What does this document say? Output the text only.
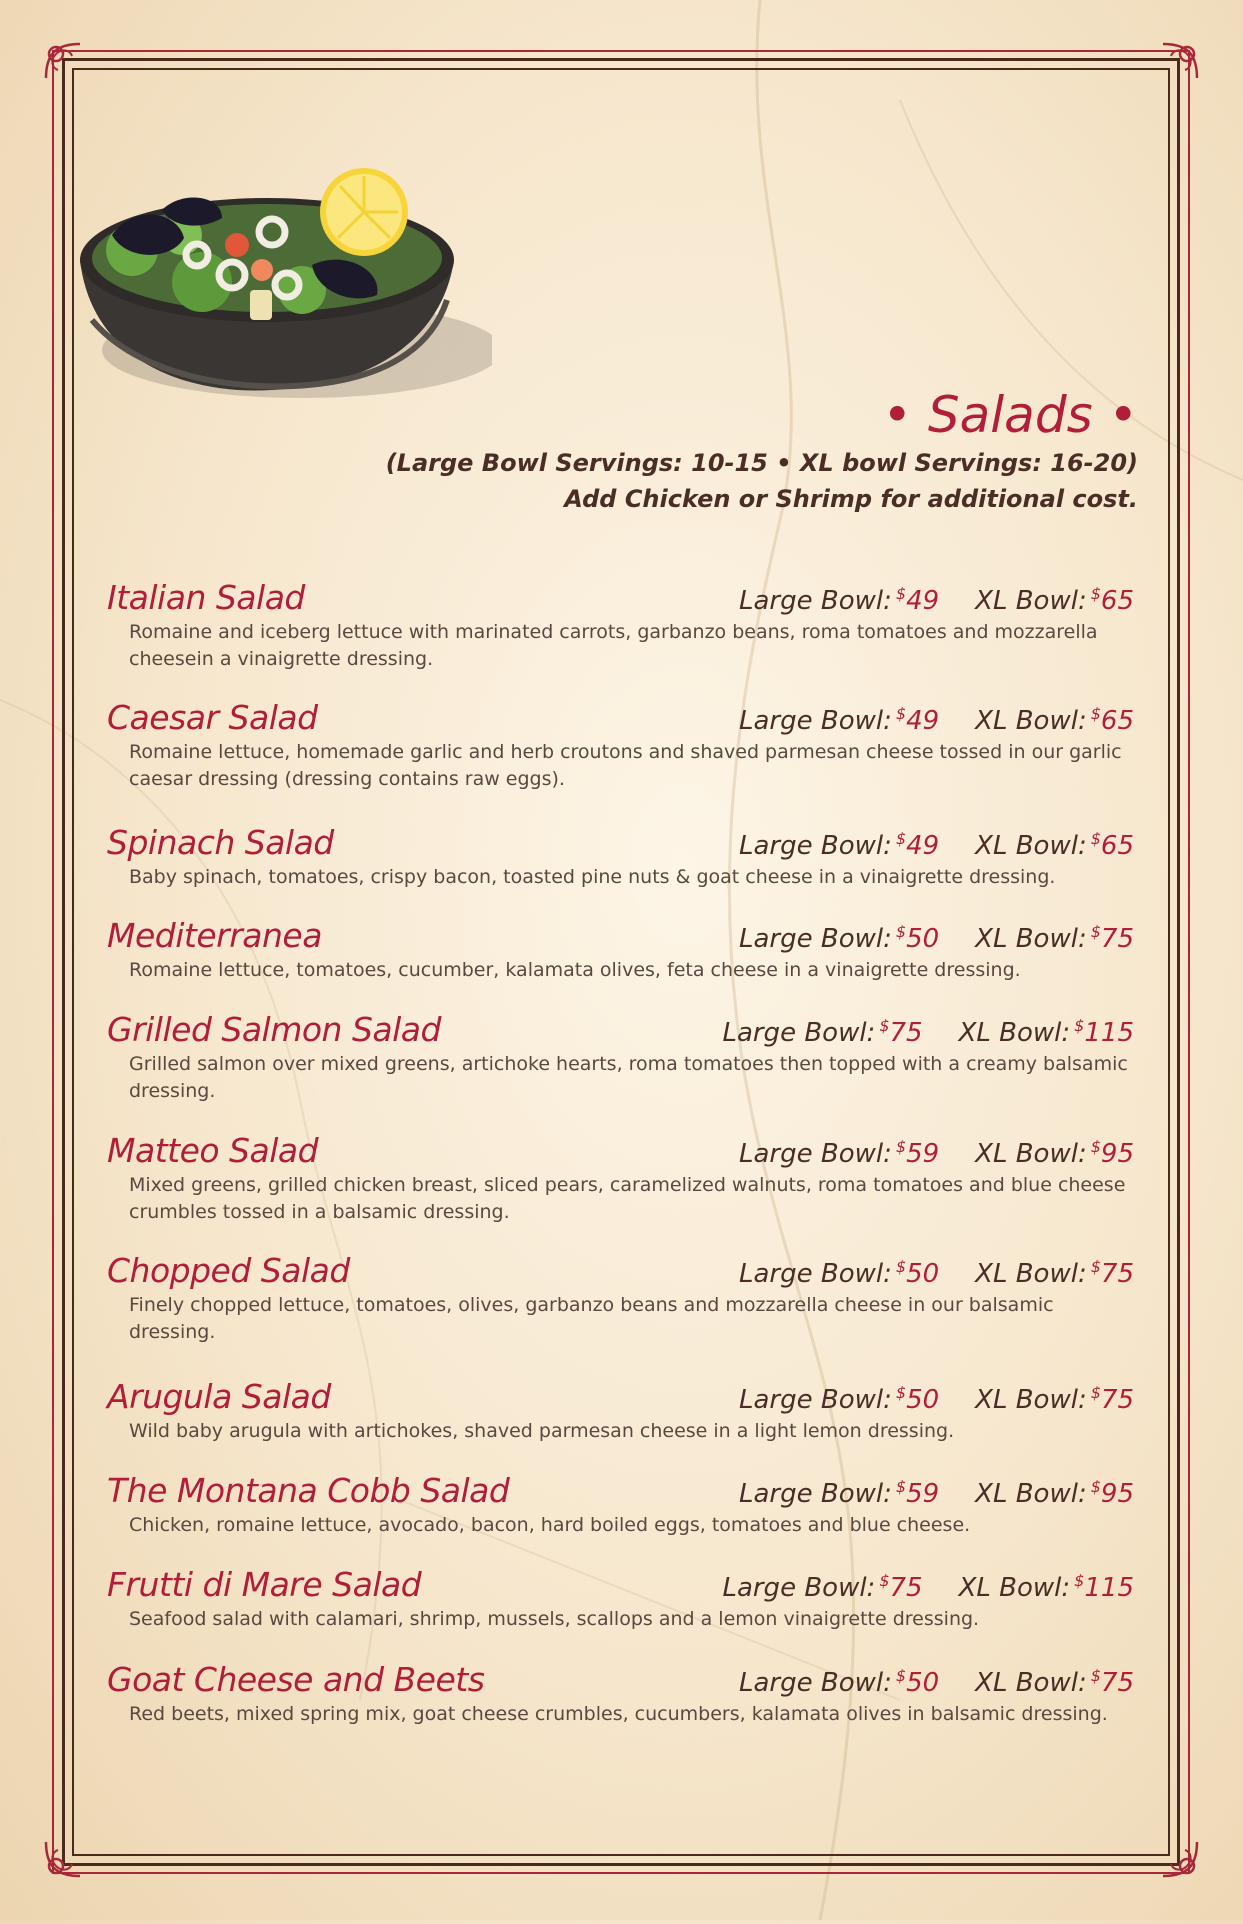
• Salads •
(Large Bowl Servings: 10-15 • XL bowl Servings: 16-20)
Add Chicken or Shrimp for additional cost.
Italian Salad	Large Bowl: $49 XL Bowl: $65
Romaine and iceberg lettuce with marinated carrots, garbanzo beans, roma tomatoes and mozzarella cheesein a vinaigrette dressing.
Caesar Salad	Large Bowl: $49 XL Bowl: $65
Romaine lettuce, homemade garlic and herb croutons and shaved parmesan cheese tossed in our garlic caesar dressing (dressing contains raw eggs).
Spinach Salad	Large Bowl: $49 XL Bowl: $65
Baby spinach, tomatoes, crispy bacon, toasted pine nuts & goat cheese in a vinaigrette dressing.
Mediterranea	Large Bowl: $50 XL Bowl: $75
Romaine lettuce, tomatoes, cucumber, kalamata olives, feta cheese in a vinaigrette dressing.
Grilled Salmon Salad	Large Bowl: $75 XL Bowl: $115
Grilled salmon over mixed greens, artichoke hearts, roma tomatoes then topped with a creamy balsamic dressing.
Matteo Salad	Large Bowl: $59 XL Bowl: $95
Mixed greens, grilled chicken breast, sliced pears, caramelized walnuts, roma tomatoes and blue cheese crumbles tossed in a balsamic dressing.
Chopped Salad	Large Bowl: $50 XL Bowl: $75
Finely chopped lettuce, tomatoes, olives, garbanzo beans and mozzarella cheese in our balsamic dressing.
Arugula Salad	Large Bowl: $50 XL Bowl: $75
Wild baby arugula with artichokes, shaved parmesan cheese in a light lemon dressing.
The Montana Cobb Salad	Large Bowl: $59 XL Bowl: $95
Chicken, romaine lettuce, avocado, bacon, hard boiled eggs, tomatoes and blue cheese.
Frutti di Mare Salad	Large Bowl: $75 XL Bowl: $115
Seafood salad with calamari, shrimp, mussels, scallops and a lemon vinaigrette dressing.
Goat Cheese and Beets	Large Bowl: $50 XL Bowl: $75
Red beets, mixed spring mix, goat cheese crumbles, cucumbers, kalamata olives in balsamic dressing.
